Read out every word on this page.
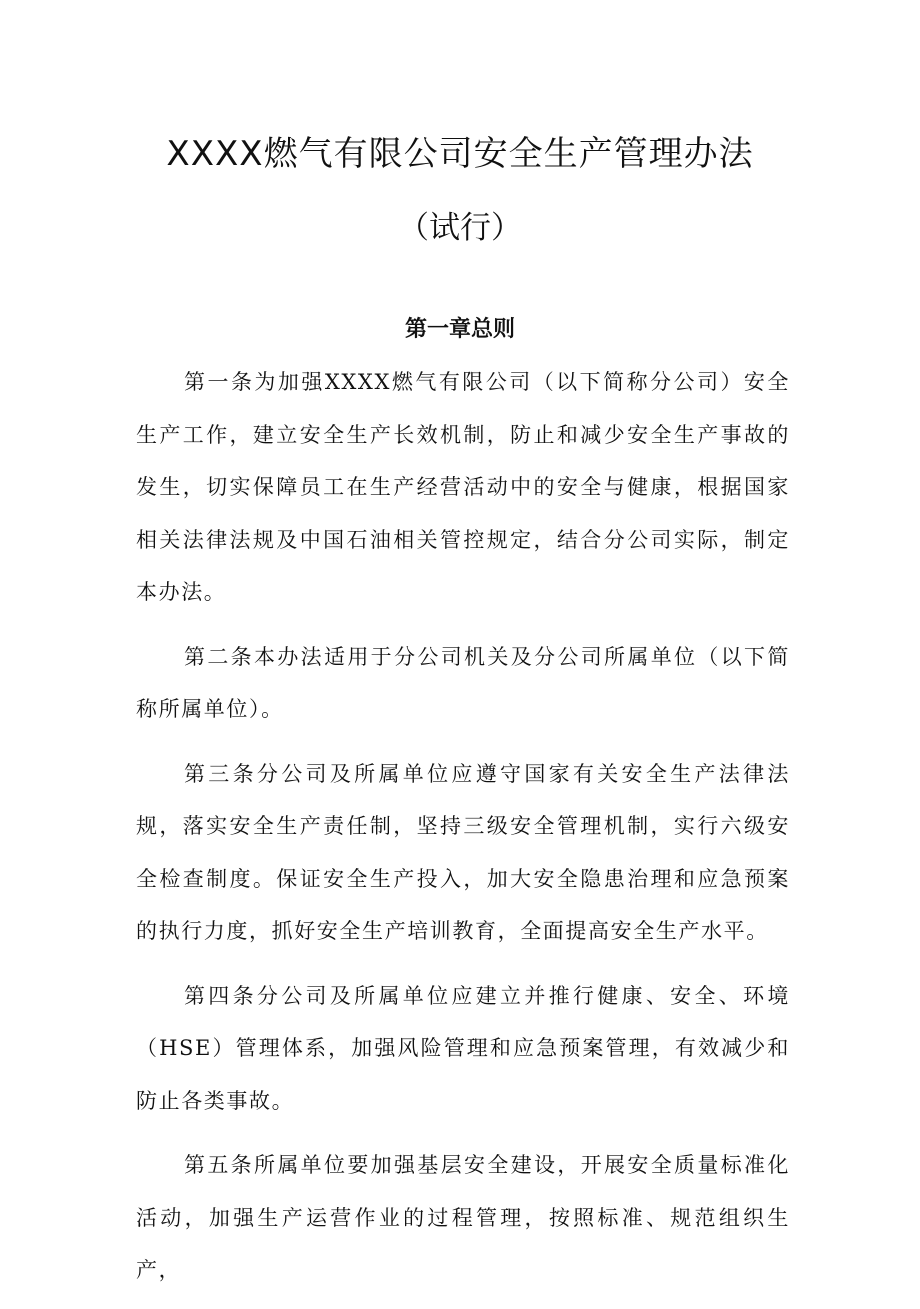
XXXX燃气有限公司安全生产管理办法
（试行）
第一章总则

第一条为加强XXXX燃气有限公司（以下简称分公司）安全生产工作，建立安全生产长效机制，防止和减少安全生产事故的发生，切实保障员工在生产经营活动中的安全与健康，根据国家相关法律法规及中国石油相关管控规定，结合分公司实际，制定本办法。

第二条本办法适用于分公司机关及分公司所属单位（以下简称所属单位）。

第三条分公司及所属单位应遵守国家有关安全生产法律法规，落实安全生产责任制，坚持三级安全管理机制，实行六级安全检查制度。保证安全生产投入，加大安全隐患治理和应急预案的执行力度，抓好安全生产培训教育，全面提高安全生产水平。

第四条分公司及所属单位应建立并推行健康、安全、环境（HSE）管理体系，加强风险管理和应急预案管理，有效减少和防止各类事故。

第五条所属单位要加强基层安全建设，开展安全质量标准化活动，加强生产运营作业的过程管理，按照标准、规范组织生产，
